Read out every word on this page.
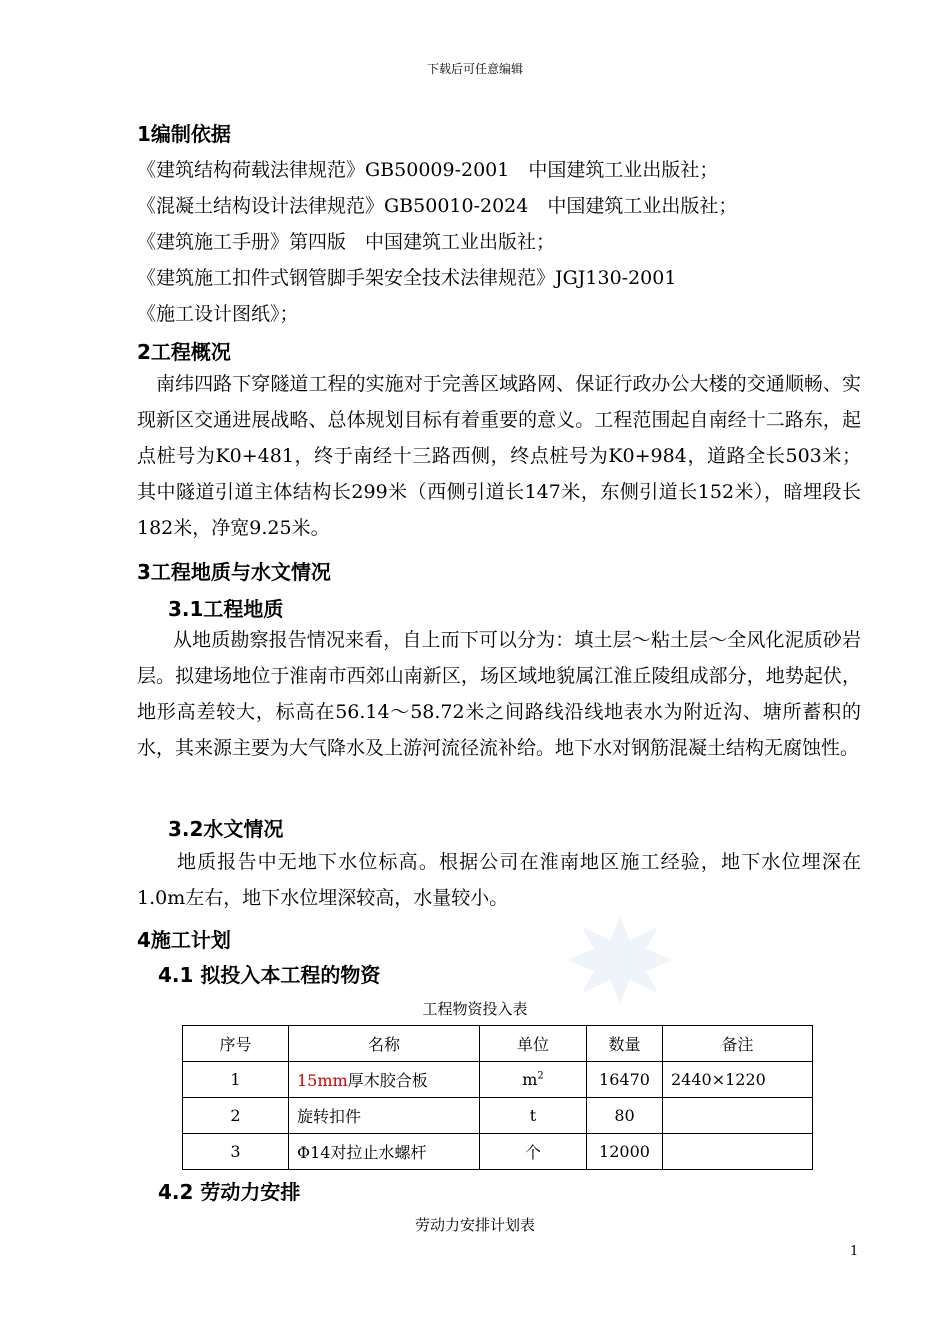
下载后可任意编辑
1编制依据
《建筑结构荷载法律规范》GB50009-2001　中国建筑工业出版社；
《混凝土结构设计法律规范》GB50010-2024　中国建筑工业出版社；
《建筑施工手册》第四版　中国建筑工业出版社；
《建筑施工扣件式钢管脚手架安全技术法律规范》JGJ130-2001
《施工设计图纸》；
2工程概况

南纬四路下穿隧道工程的实施对于完善区域路网、保证行政办公大楼的交通顺畅、实现新区交通进展战略、总体规划目标有着重要的意义。工程范围起自南经十二路东，起点桩号为K0+481，终于南经十三路西侧，终点桩号为K0+984，道路全长503米；其中隧道引道主体结构长299米（西侧引道长147米，东侧引道长152米），暗埋段长182米，净宽9.25米。

3工程地质与水文情况
3.1工程地质

从地质勘察报告情况来看，自上而下可以分为：填土层～粘土层～全风化泥质砂岩层。拟建场地位于淮南市西郊山南新区，场区域地貌属江淮丘陵组成部分，地势起伏，地形高差较大，标高在56.14～58.72米之间路线沿线地表水为附近沟、塘所蓄积的水，其来源主要为大气降水及上游河流径流补给。地下水对钢筋混凝土结构无腐蚀性。

3.2水文情况

地质报告中无地下水位标高。根据公司在淮南地区施工经验，地下水位埋深在1.0m左右，地下水位埋深较高，水量较小。

4施工计划
4.1 拟投入本工程的物资
工程物资投入表
序号	名称	单位	数量	备注
1	15mm厚木胶合板	$m^2$	16470	2440×1220
2	旋转扣件	t	80	
3	Φ14对拉止水螺杆	个	12000	
4.2 劳动力安排
劳动力安排计划表
1
